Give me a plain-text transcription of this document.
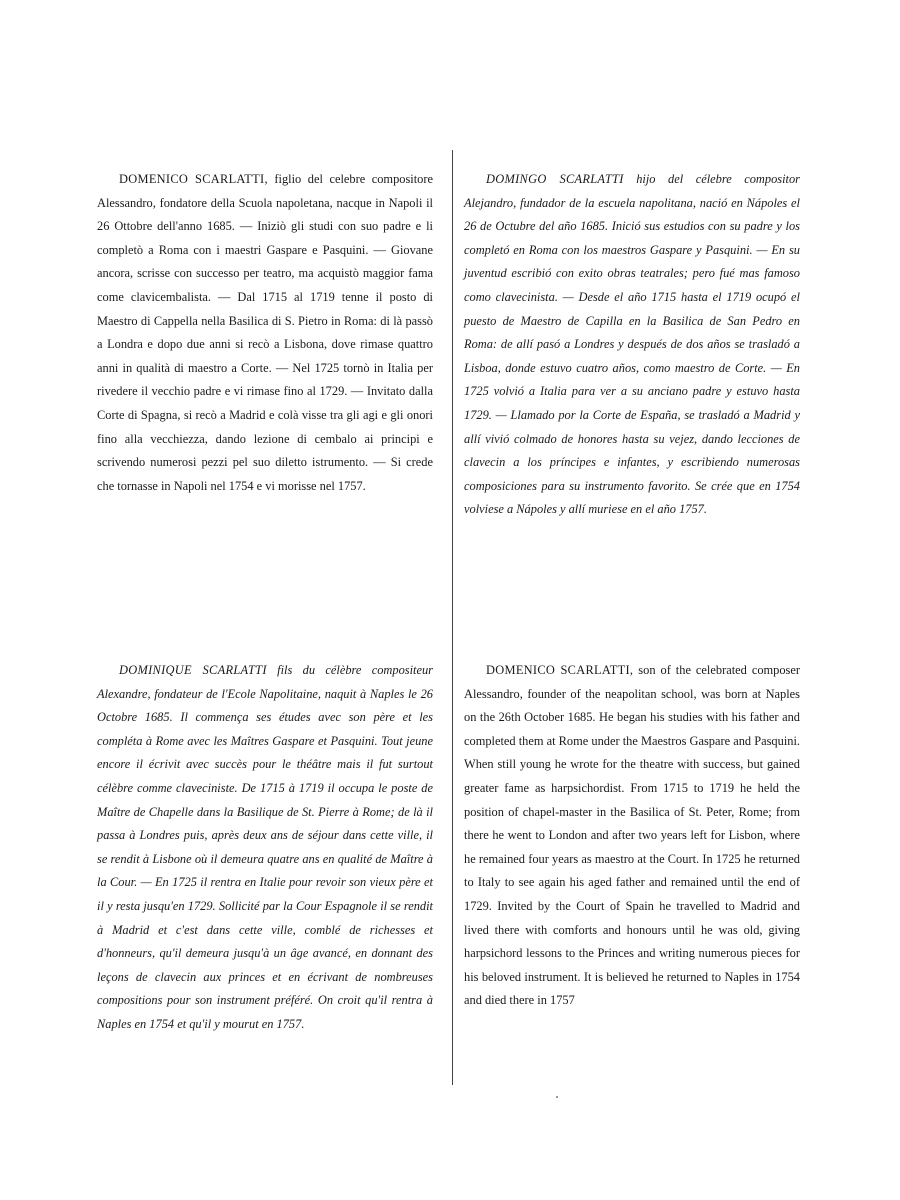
DOMENICO SCARLATTI, figlio del celebre compositore Alessandro, fondatore della Scuola napoletana, nacque in Napoli il 26 Ottobre dell'anno 1685. — Iniziò gli studi con suo padre e li completò a Roma con i maestri Gaspare e Pasquini. — Giovane ancora, scrisse con successo per teatro, ma acquistò maggior fama come clavicembalista. — Dal 1715 al 1719 tenne il posto di Maestro di Cappella nella Basilica di S. Pietro in Roma: di là passò a Londra e dopo due anni si recò a Lisbona, dove rimase quattro anni in qualità di maestro a Corte. — Nel 1725 tornò in Italia per rivedere il vecchio padre e vi rimase fino al 1729. — Invitato dalla Corte di Spagna, si recò a Madrid e colà visse tra gli agi e gli onori fino alla vecchiezza, dando lezione di cembalo ai principi e scrivendo numerosi pezzi pel suo diletto istrumento. — Si crede che tornasse in Napoli nel 1754 e vi morisse nel 1757.

DOMINGO SCARLATTI hijo del célebre compositor Alejandro, fundador de la escuela napolitana, nació en Nápoles el 26 de Octubre del año 1685. Inició sus estudios con su padre y los completó en Roma con los maestros Gaspare y Pasquini. — En su juventud escribió con exito obras teatrales; pero fué mas famoso como clavecinista. — Desde el año 1715 hasta el 1719 ocupó el puesto de Maestro de Capilla en la Basilica de San Pedro en Roma: de allí pasó a Londres y después de dos años se trasladó a Lisboa, donde estuvo cuatro años, como maestro de Corte. — En 1725 volvió a Italia para ver a su anciano padre y estuvo hasta 1729. — Llamado por la Corte de España, se trasladó a Madrid y allí vivió colmado de honores hasta su vejez, dando lecciones de clavecin a los príncipes e infantes, y escribiendo numerosas composiciones para su instrumento favorito. Se crée que en 1754 volviese a Nápoles y allí muriese en el año 1757.

DOMINIQUE SCARLATTI fils du célèbre compositeur Alexandre, fondateur de l'Ecole Napolitaine, naquit à Naples le 26 Octobre 1685. Il commença ses études avec son père et les compléta à Rome avec les Maîtres Gaspare et Pasquini. Tout jeune encore il écrivit avec succès pour le théâtre mais il fut surtout célèbre comme claveciniste. De 1715 à 1719 il occupa le poste de Maître de Chapelle dans la Basilique de St. Pierre à Rome; de là il passa à Londres puis, après deux ans de séjour dans cette ville, il se rendit à Lisbone où il demeura quatre ans en qualité de Maître à la Cour. — En 1725 il rentra en Italie pour revoir son vieux père et il y resta jusqu'en 1729. Sollicité par la Cour Espagnole il se rendit à Madrid et c'est dans cette ville, comblé de richesses et d'honneurs, qu'il demeura jusqu'à un âge avancé, en donnant des leçons de clavecin aux princes et en écrivant de nombreuses compositions pour son instrument préféré. On croit qu'il rentra à Naples en 1754 et qu'il y mourut en 1757.

DOMENICO SCARLATTI, son of the celebrated composer Alessandro, founder of the neapolitan school, was born at Naples on the 26th October 1685. He began his studies with his father and completed them at Rome under the Maestros Gaspare and Pasquini. When still young he wrote for the theatre with success, but gained greater fame as harpsichordist. From 1715 to 1719 he held the position of chapel-master in the Basilica of St. Peter, Rome; from there he went to London and after two years left for Lisbon, where he remained four years as maestro at the Court. In 1725 he returned to Italy to see again his aged father and remained until the end of 1729. Invited by the Court of Spain he travelled to Madrid and lived there with comforts and honours until he was old, giving harpsichord lessons to the Princes and writing numerous pieces for his beloved instrument. It is believed he returned to Naples in 1754 and died there in 1757
